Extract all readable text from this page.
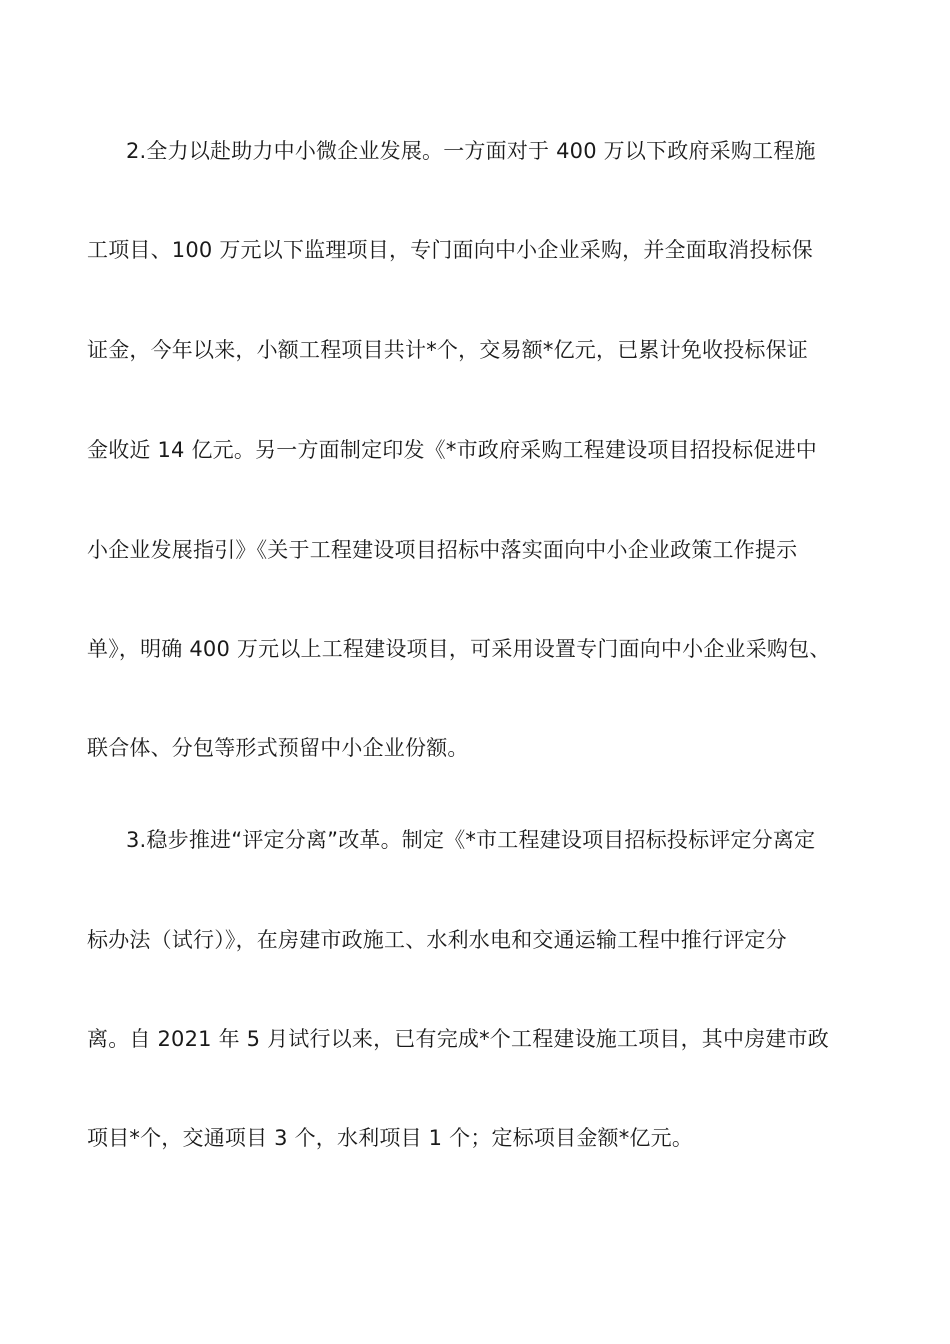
2.全力以赴助力中小微企业发展。一方面对于 400 万以下政府采购工程施
工项目、100 万元以下监理项目，专门面向中小企业采购，并全面取消投标保
证金，今年以来，小额工程项目共计*个，交易额*亿元，已累计免收投标保证
金收近 14 亿元。另一方面制定印发《*市政府采购工程建设项目招投标促进中
小企业发展指引》《关于工程建设项目招标中落实面向中小企业政策工作提示
单》，明确 400 万元以上工程建设项目，可采用设置专门面向中小企业采购包、
联合体、分包等形式预留中小企业份额。
3.稳步推进“评定分离”改革。制定《*市工程建设项目招标投标评定分离定
标办法（试行）》，在房建市政施工、水利水电和交通运输工程中推行评定分
离。自 2021 年 5 月试行以来，已有完成*个工程建设施工项目，其中房建市政
项目*个，交通项目 3 个，水利项目 1 个；定标项目金额*亿元。
